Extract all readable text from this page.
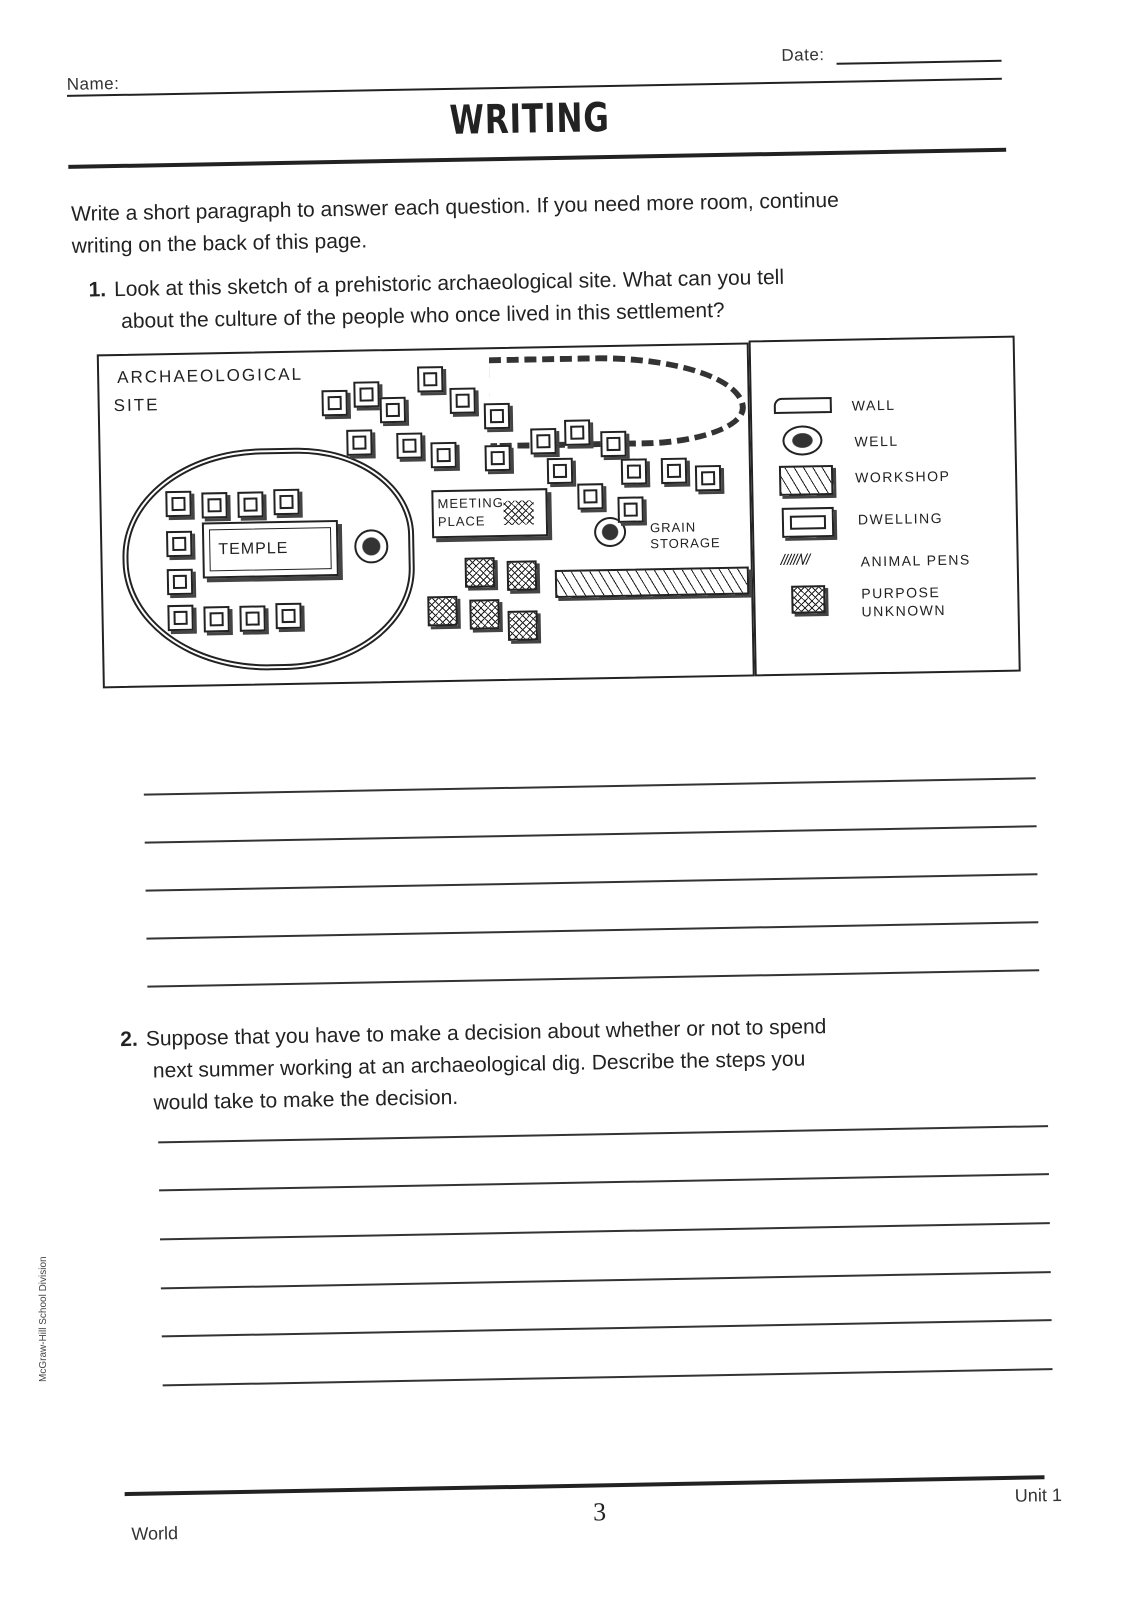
Date:
Name:
WRITING
Write a short paragraph to answer each question. If you need more room, continue writing on the back of this page.
1. Look at this sketch of a prehistoric archaeological site. What can you tell
about the culture of the people who once lived in this settlement?
ARCHAEOLOGICAL
SITE
TEMPLE
MEETING
PLACE	GRAIN
STORAGE
WALL
WELL
WORKSHOP
DWELLING
//////\//	ANIMAL PENS
PURPOSE
UNKNOWN
2. Suppose that you have to make a decision about whether or not to spend
next summer working at an archaeological dig. Describe the steps you
would take to make the decision.
World
3
Unit 1
McGraw-Hill School Division
